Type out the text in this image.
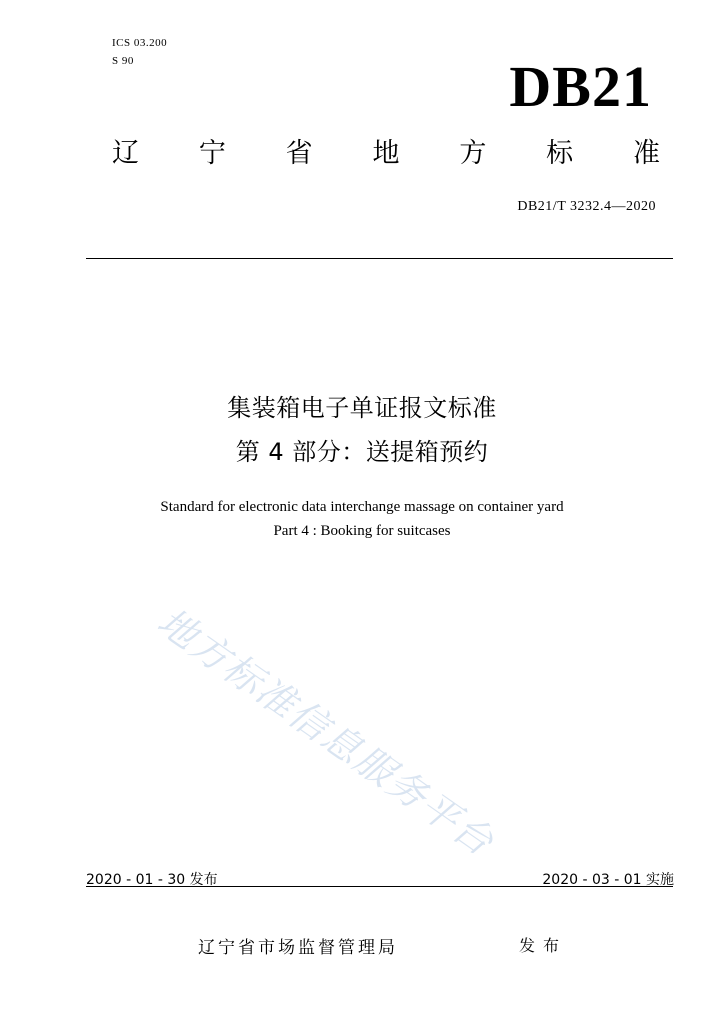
ICS 03.200
S 90	DB21
辽 宁 省 地 方 标 准
DB21/T 3232.4—2020
集装箱电子单证报文标准
第 4 部分：送提箱预约
Standard for electronic data interchange massage on container yard
Part 4 : Booking for suitcases
地方标准信息服务平台
2020 - 01 - 30 发布	2020 - 03 - 01 实施
辽宁省市场监督管理局	发布
